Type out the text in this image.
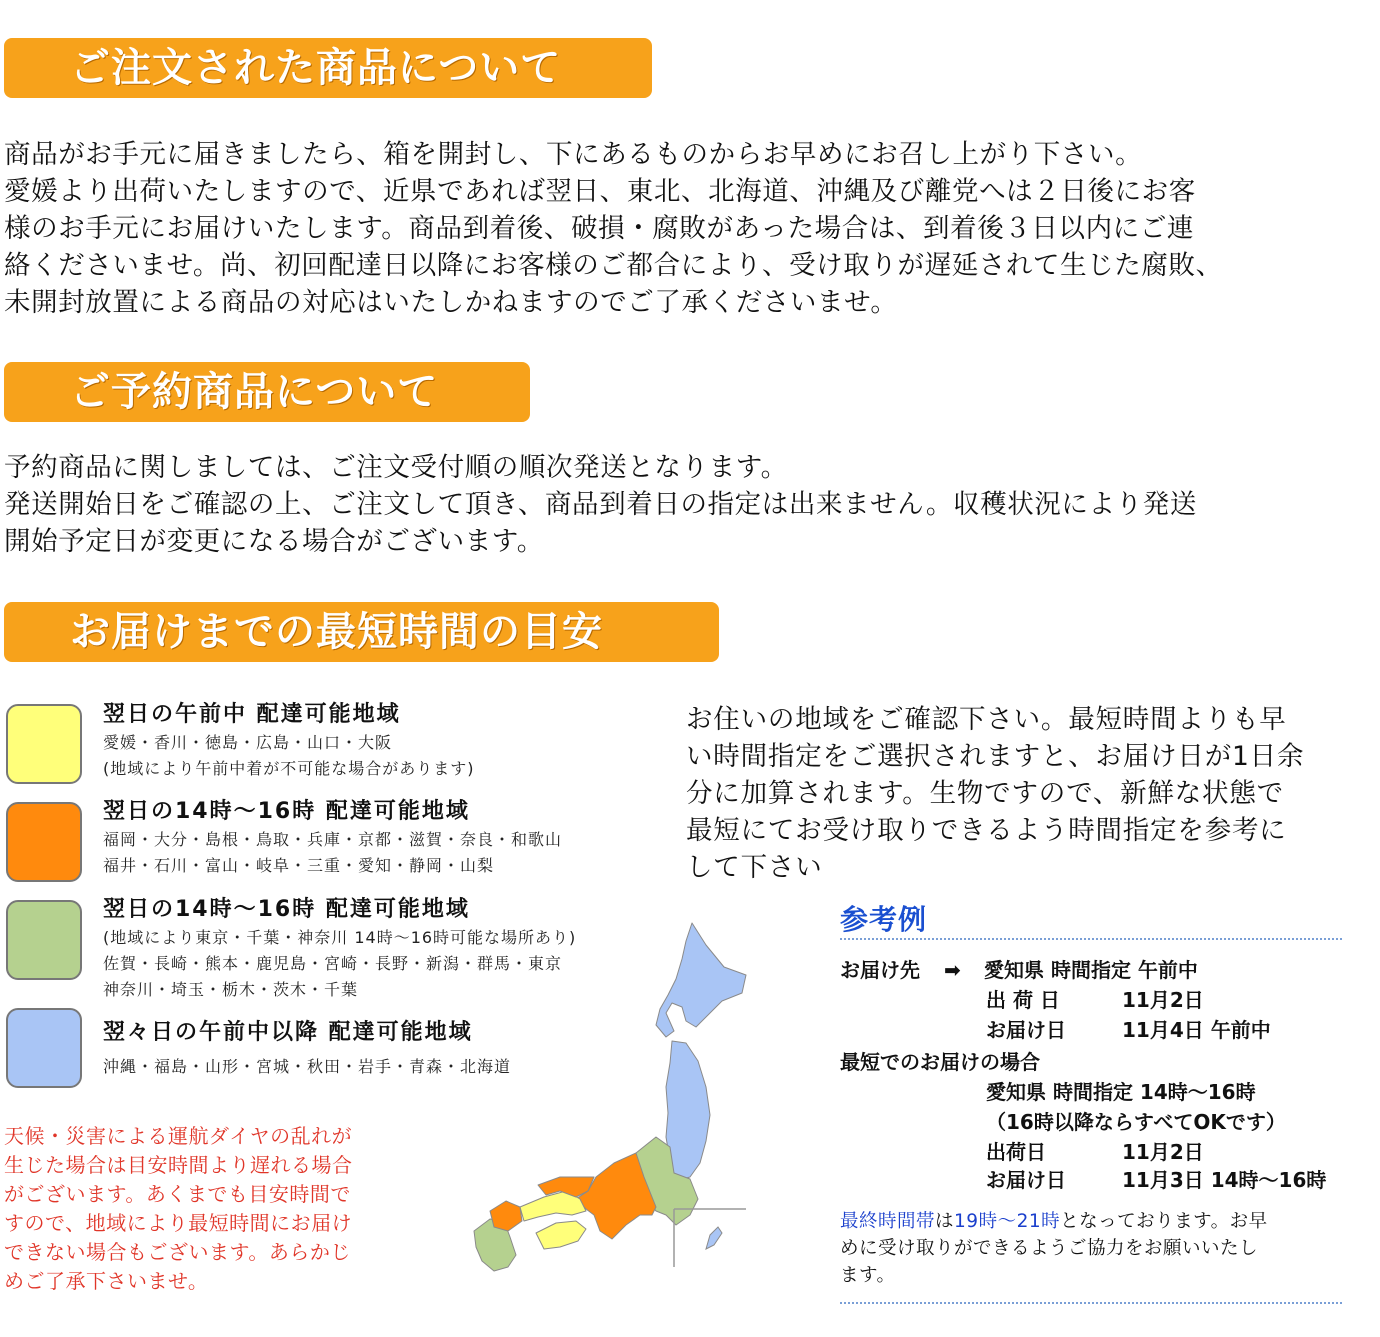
ご注文された商品について

商品がお手元に届きましたら、箱を開封し、下にあるものからお早めにお召し上がり下さい。

愛媛より出荷いたしますので、近県であれば翌日、東北、北海道、沖縄及び離党へは２日後にお客

様のお手元にお届けいたします。商品到着後、破損・腐敗があった場合は、到着後３日以内にご連

絡くださいませ。尚、初回配達日以降にお客様のご都合により、受け取りが遅延されて生じた腐敗、

未開封放置による商品の対応はいたしかねますのでご了承くださいませ。

ご予約商品について

予約商品に関しましては、ご注文受付順の順次発送となります。

発送開始日をご確認の上、ご注文して頂き、商品到着日の指定は出来ません。収穫状況により発送

開始予定日が変更になる場合がございます。

お届けまでの最短時間の目安
翌日の午前中 配達可能地域
愛媛・香川・徳島・広島・山口・大阪
(地域により午前中着が不可能な場合があります)
翌日の14時～16時 配達可能地域
福岡・大分・島根・鳥取・兵庫・京都・滋賀・奈良・和歌山
福井・石川・富山・岐阜・三重・愛知・静岡・山梨
翌日の14時～16時 配達可能地域
(地域により東京・千葉・神奈川 14時～16時可能な場所あり)
佐賀・長崎・熊本・鹿児島・宮崎・長野・新潟・群馬・東京
神奈川・埼玉・栃木・茨木・千葉
翌々日の午前中以降 配達可能地域
沖縄・福島・山形・宮城・秋田・岩手・青森・北海道

天候・災害による運航ダイヤの乱れが

生じた場合は目安時間より遅れる場合

がございます。あくまでも目安時間で

すので、地域により最短時間にお届け

できない場合もございます。あらかじ

めご了承下さいませ。

お住いの地域をご確認下さい。最短時間よりも早

い時間指定をご選択されますと、お届け日が1日余

分に加算されます。生物ですので、新鮮な状態で

最短にてお受け取りできるよう時間指定を参考に

して下さい

参考例
お届け先 ➡ 愛知県 時間指定 午前中
出 荷 日	11月2日
お届け日	11月4日 午前中
最短でのお届けの場合
愛知県 時間指定 14時～16時
（16時以降ならすべてOKです）
出荷日	11月2日
お届け日	11月3日 14時～16時

最終時間帯は19時～21時となっております。お早

めに受け取りができるようご協力をお願いいたし

ます。
